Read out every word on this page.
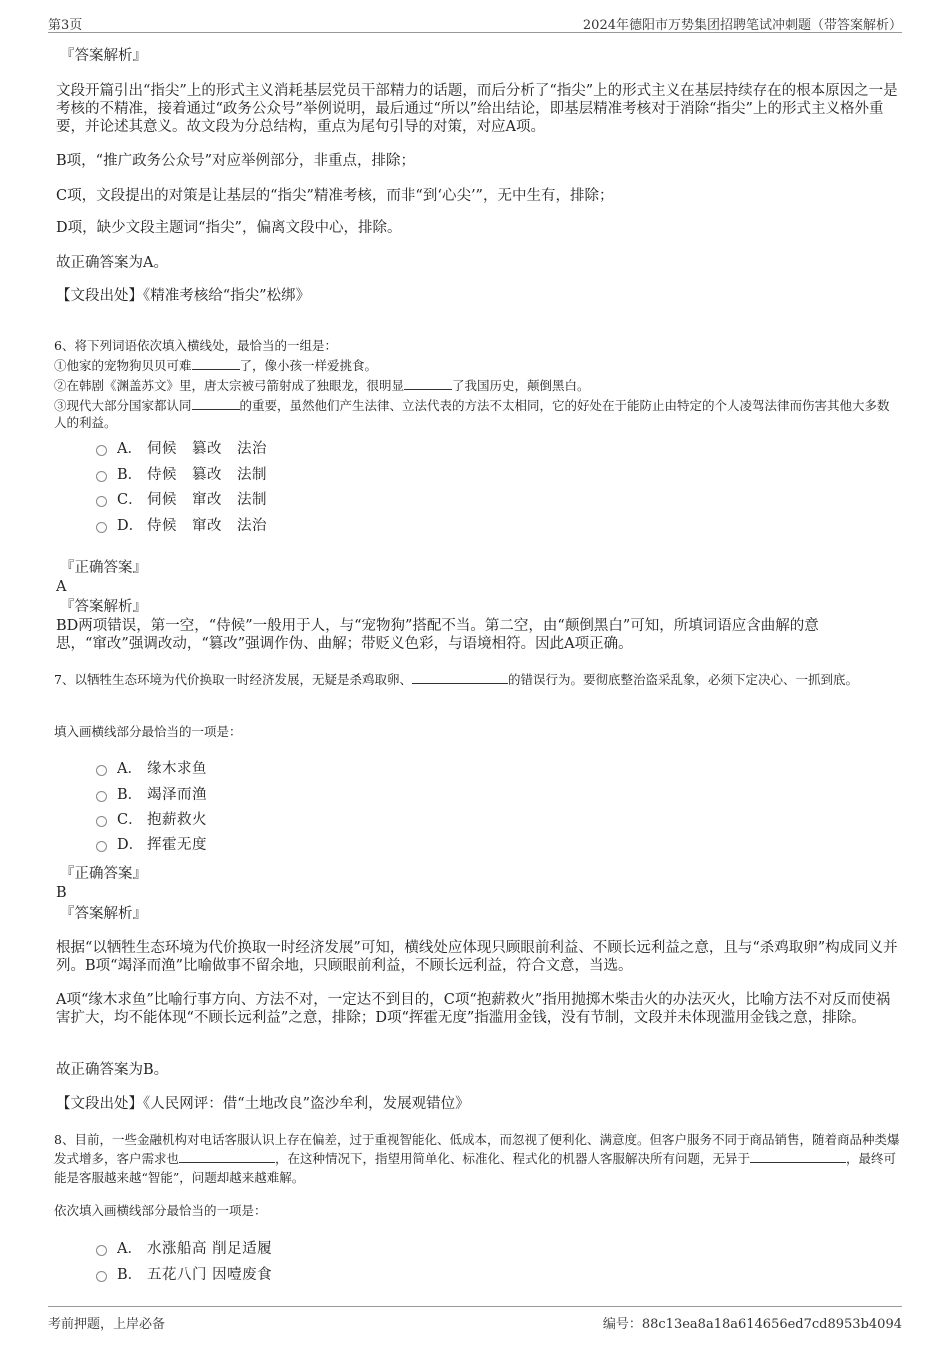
第3页	2024年德阳市万势集团招聘笔试冲刺题（带答案解析）
『答案解析』
文段开篇引出“指尖”上的形式主义消耗基层党员干部精力的话题，而后分析了“指尖”上的形式主义在基层持续存在的根本原因之一是考核的不精准，接着通过“政务公众号”举例说明，最后通过“所以”给出结论，即基层精准考核对于消除“指尖”上的形式主义格外重要，并论述其意义。故文段为分总结构，重点为尾句引导的对策，对应A项。
B项，“推广政务公众号”对应举例部分，非重点，排除；
C项，文段提出的对策是让基层的“指尖”精准考核，而非“到‘心尖’”，无中生有，排除；
D项，缺少文段主题词“指尖”，偏离文段中心，排除。
故正确答案为A。
【文段出处】《精准考核给“指尖”松绑》
6、将下列词语依次填入横线处，最恰当的一组是：
①他家的宠物狗贝贝可难	了，像小孩一样爱挑食。
②在韩剧《渊盖苏文》里，唐太宗被弓箭射成了独眼龙，很明显	了我国历史，颠倒黑白。
③现代大部分国家都认同	的重要，虽然他们产生法律、立法代表的方法不太相同，它的好处在于能防止由特定的个人凌驾法律而伤害其他大多数人的利益。
A． 伺候　篡改　法治
B． 侍候　篡改　法制
C． 伺候　窜改　法制
D． 侍候　窜改　法治
『正确答案』
A
『答案解析』
BD两项错误，第一空，“侍候”一般用于人，与“宠物狗”搭配不当。第二空，由“颠倒黑白”可知，所填词语应含曲解的意思，“窜改”强调改动，“篡改”强调作伪、曲解；带贬义色彩，与语境相符。因此A项正确。
7、以牺牲生态环境为代价换取一时经济发展，无疑是杀鸡取卵、	的错误行为。要彻底整治盗采乱象，必须下定决心、一抓到底。
填入画横线部分最恰当的一项是：
A． 缘木求鱼
B． 竭泽而渔
C． 抱薪救火
D． 挥霍无度
『正确答案』
B
『答案解析』
根据“以牺牲生态环境为代价换取一时经济发展”可知，横线处应体现只顾眼前利益、不顾长远利益之意，且与“杀鸡取卵”构成同义并列。B项“竭泽而渔”比喻做事不留余地，只顾眼前利益，不顾长远利益，符合文意，当选。
A项“缘木求鱼”比喻行事方向、方法不对，一定达不到目的，C项“抱薪救火”指用抛掷木柴击火的办法灭火，比喻方法不对反而使祸害扩大，均不能体现“不顾长远利益”之意，排除；D项“挥霍无度”指滥用金钱，没有节制，文段并未体现滥用金钱之意，排除。
故正确答案为B。
【文段出处】《人民网评：借“土地改良”盗沙牟利，发展观错位》
8、目前，一些金融机构对电话客服认识上存在偏差，过于重视智能化、低成本，而忽视了便利化、满意度。但客户服务不同于商品销售，随着商品种类爆发式增多，客户需求也	，在这种情况下，指望用简单化、标准化、程式化的机器人客服解决所有问题，无异于	，最终可能是客服越来越“智能”，问题却越来越难解。
依次填入画横线部分最恰当的一项是：
A． 水涨船高 削足适履
B． 五花八门 因噎废食
考前押题，上岸必备	编号：88c13ea8a18a614656ed7cd8953b4094
